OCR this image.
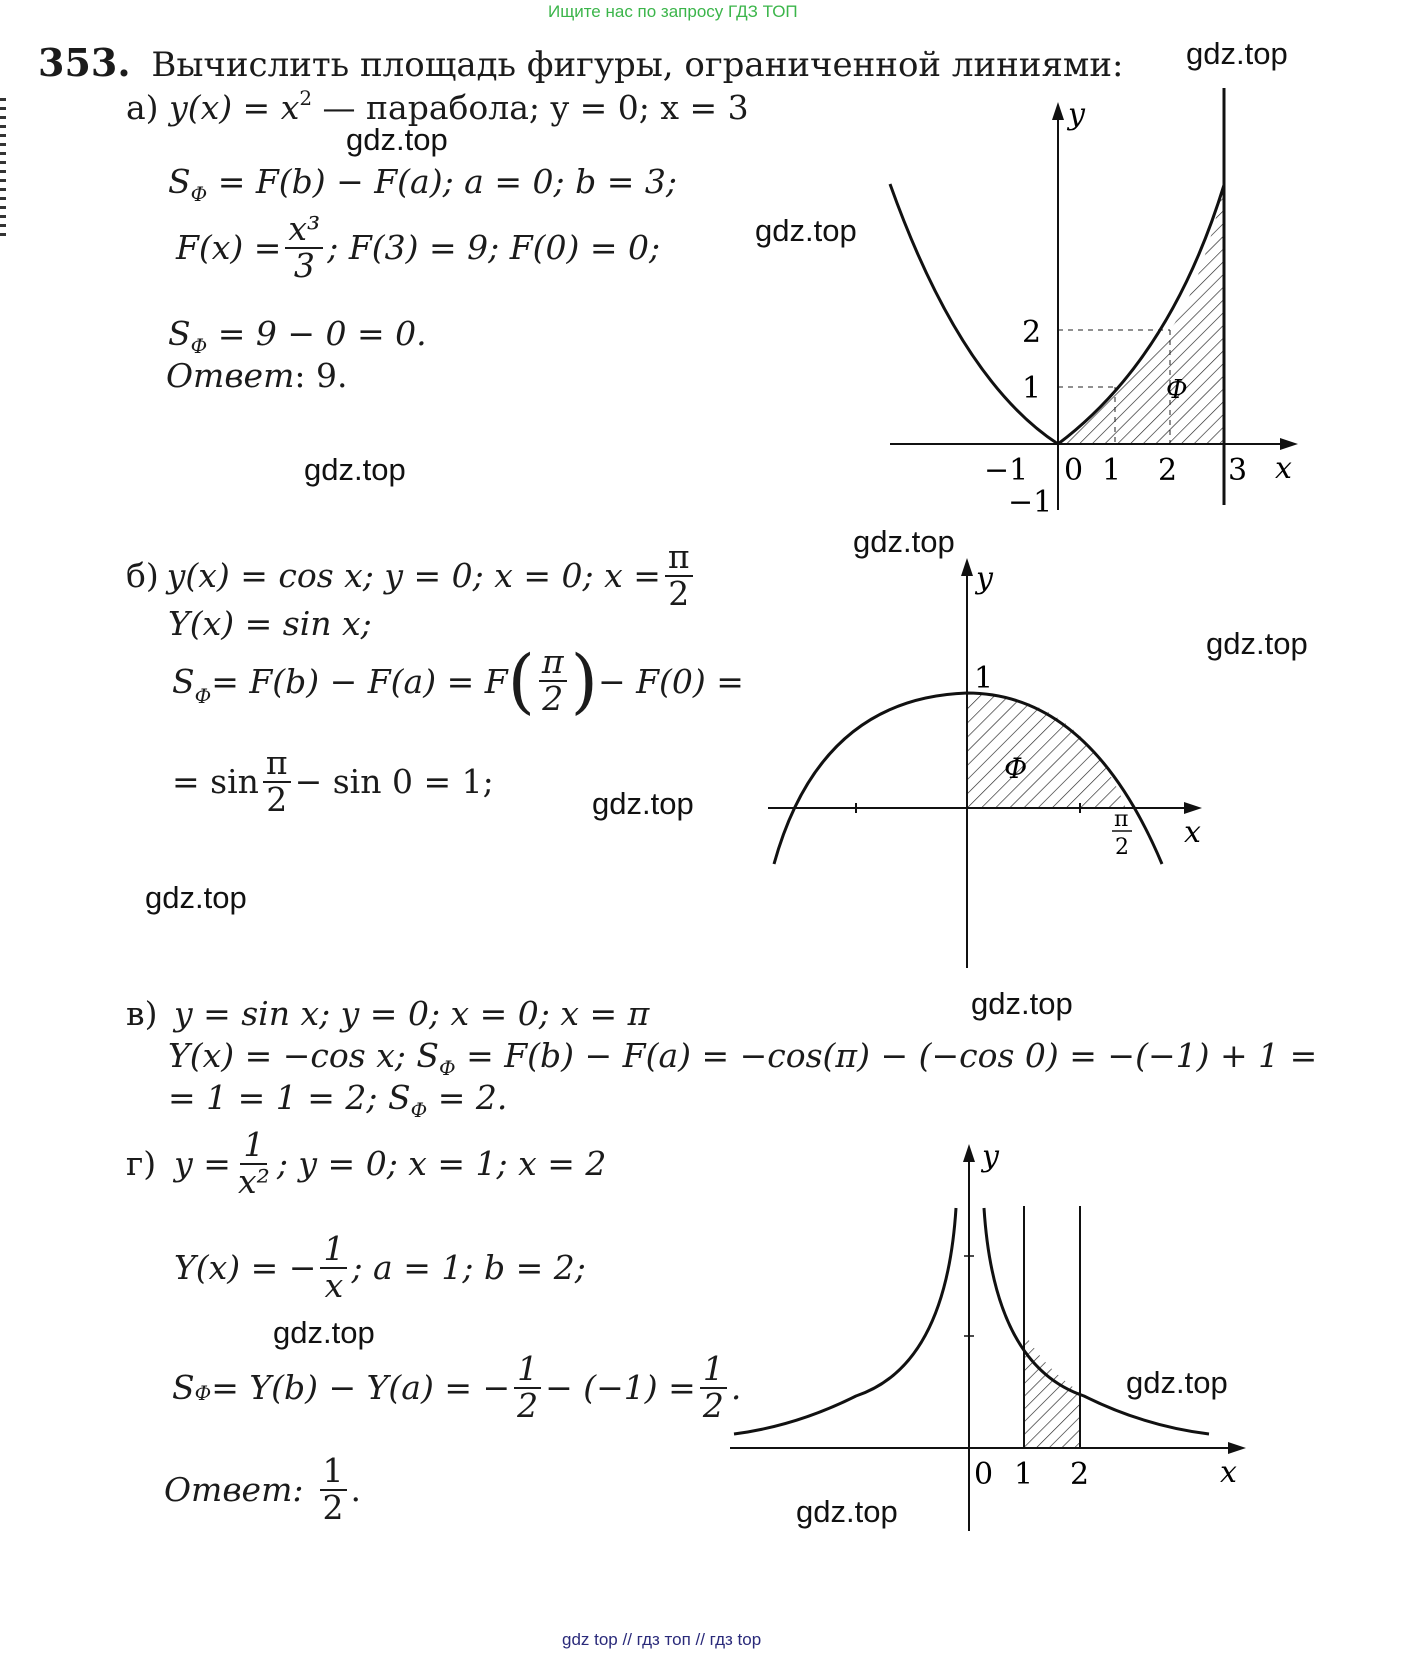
Ищите нас по запросу ГДЗ ТОП
gdz.top
gdz.top
gdz.top
gdz.top
gdz.top
gdz.top
gdz.top
gdz.top
gdz.top
gdz.top
gdz.top
gdz.top
353. Вычислить площадь фигуры, ограниченной линиями:
а) $y(x) = x^2$ — парабола; y = 0; x = 3
$S_Ф = F(b) - F(a)$; a = 0; b = 3;
$F(x) = \frac{\text{x³}}{3}$ ; F(3) = 9; F(0) = 0;
$S_Ф = 9 - 0 = 0$.
Ответ: 9.
y
x
2
1
−1
−1 0 1 2 3
Ф
б) y(x) = cos x; y = 0; x = 0; $x = \frac{\pi}{2}$
Y(x) = sin x;
S Ф = F(b) − F(a) = F ( $\frac{\pi}{2}$ ) − F(0) =
= $\sin \frac{\pi}{2} - \sin 0 = 1$;
y
x
1
π
2
Ф
в) y = sin x; y = 0; x = 0; x = π
Y(x) = −cos x; $S_Ф = F(b) - F(a) = -\cos(\pi) - (-\cos$ 0) = −(−1) + 1 =
= 1 = 1 = 2; $S_Ф = 2$.
г) $y = \frac{1}{\text{x²}}$ ; y = 0; x = 1; x = 2
Y(x) = − $\frac{1}{x}$ ; a = 1; b = 2;
S Ф = Y(b) − Y(a) = − $\frac{1}{2} - (-1) = \frac{1}{2}$ .
Ответ: $\frac{1}{2}$ .
y
x
0 1 2
gdz top // гдз топ // гдз top
